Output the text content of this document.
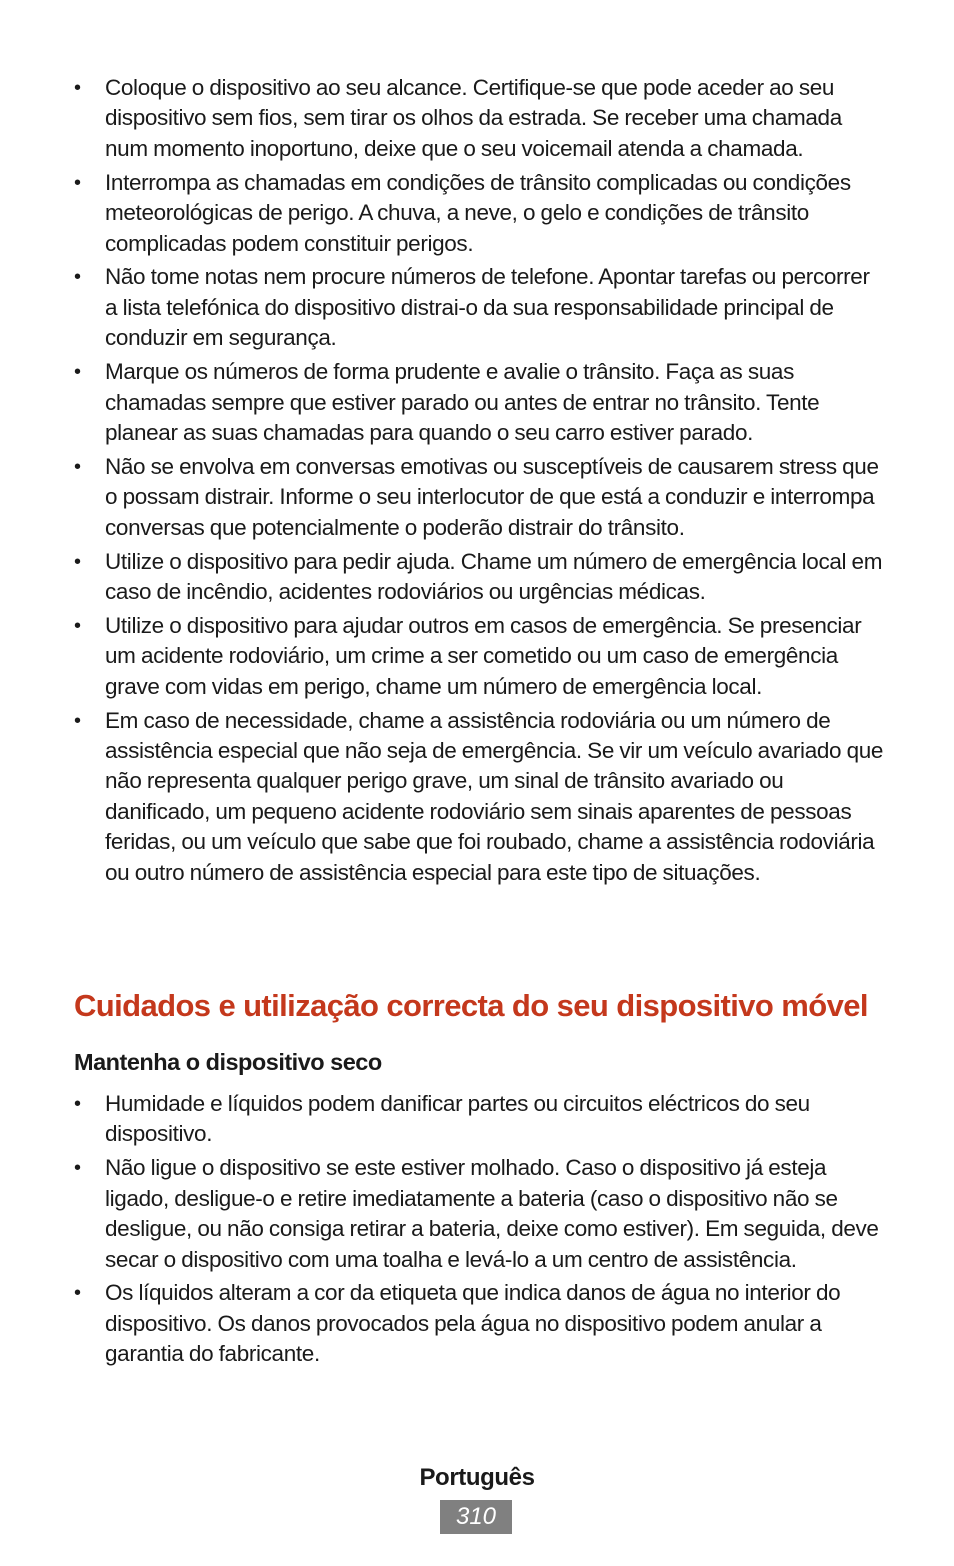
•	Coloque o dispositivo ao seu alcance. Certifique-se que pode aceder ao seu dispositivo sem fios, sem tirar os olhos da estrada. Se receber uma chamada num momento inoportuno, deixe que o seu voicemail atenda a chamada.
•	Interrompa as chamadas em condições de trânsito complicadas ou condições meteorológicas de perigo. A chuva, a neve, o gelo e condições de trânsito complicadas podem constituir perigos.
•	Não tome notas nem procure números de telefone. Apontar tarefas ou percorrer a lista telefónica do dispositivo distrai-o da sua responsabilidade principal de conduzir em segurança.
•	Marque os números de forma prudente e avalie o trânsito. Faça as suas chamadas sempre que estiver parado ou antes de entrar no trânsito. Tente planear as suas chamadas para quando o seu carro estiver parado.
•	Não se envolva em conversas emotivas ou susceptíveis de causarem stress que o possam distrair. Informe o seu interlocutor de que está a conduzir e interrompa conversas que potencialmente o poderão distrair do trânsito.
•	Utilize o dispositivo para pedir ajuda. Chame um número de emergência local em caso de incêndio, acidentes rodoviários ou urgências médicas.
•	Utilize o dispositivo para ajudar outros em casos de emergência. Se presenciar um acidente rodoviário, um crime a ser cometido ou um caso de emergência grave com vidas em perigo, chame um número de emergência local.
•	Em caso de necessidade, chame a assistência rodoviária ou um número de assistência especial que não seja de emergência. Se vir um veículo avariado que não representa qualquer perigo grave, um sinal de trânsito avariado ou danificado, um pequeno acidente rodoviário sem sinais aparentes de pessoas feridas, ou um veículo que sabe que foi roubado, chame a assistência rodoviária ou outro número de assistência especial para este tipo de situações.
Cuidados e utilização correcta do seu dispositivo móvel
Mantenha o dispositivo seco
•	Humidade e líquidos podem danificar partes ou circuitos eléctricos do seu dispositivo.
•	Não ligue o dispositivo se este estiver molhado. Caso o dispositivo já esteja ligado, desligue-o e retire imediatamente a bateria (caso o dispositivo não se desligue, ou não consiga retirar a bateria, deixe como estiver). Em seguida, deve secar o dispositivo com uma toalha e levá-lo a um centro de assistência.
•	Os líquidos alteram a cor da etiqueta que indica danos de água no interior do dispositivo. Os danos provocados pela água no dispositivo podem anular a garantia do fabricante.
Português
310
